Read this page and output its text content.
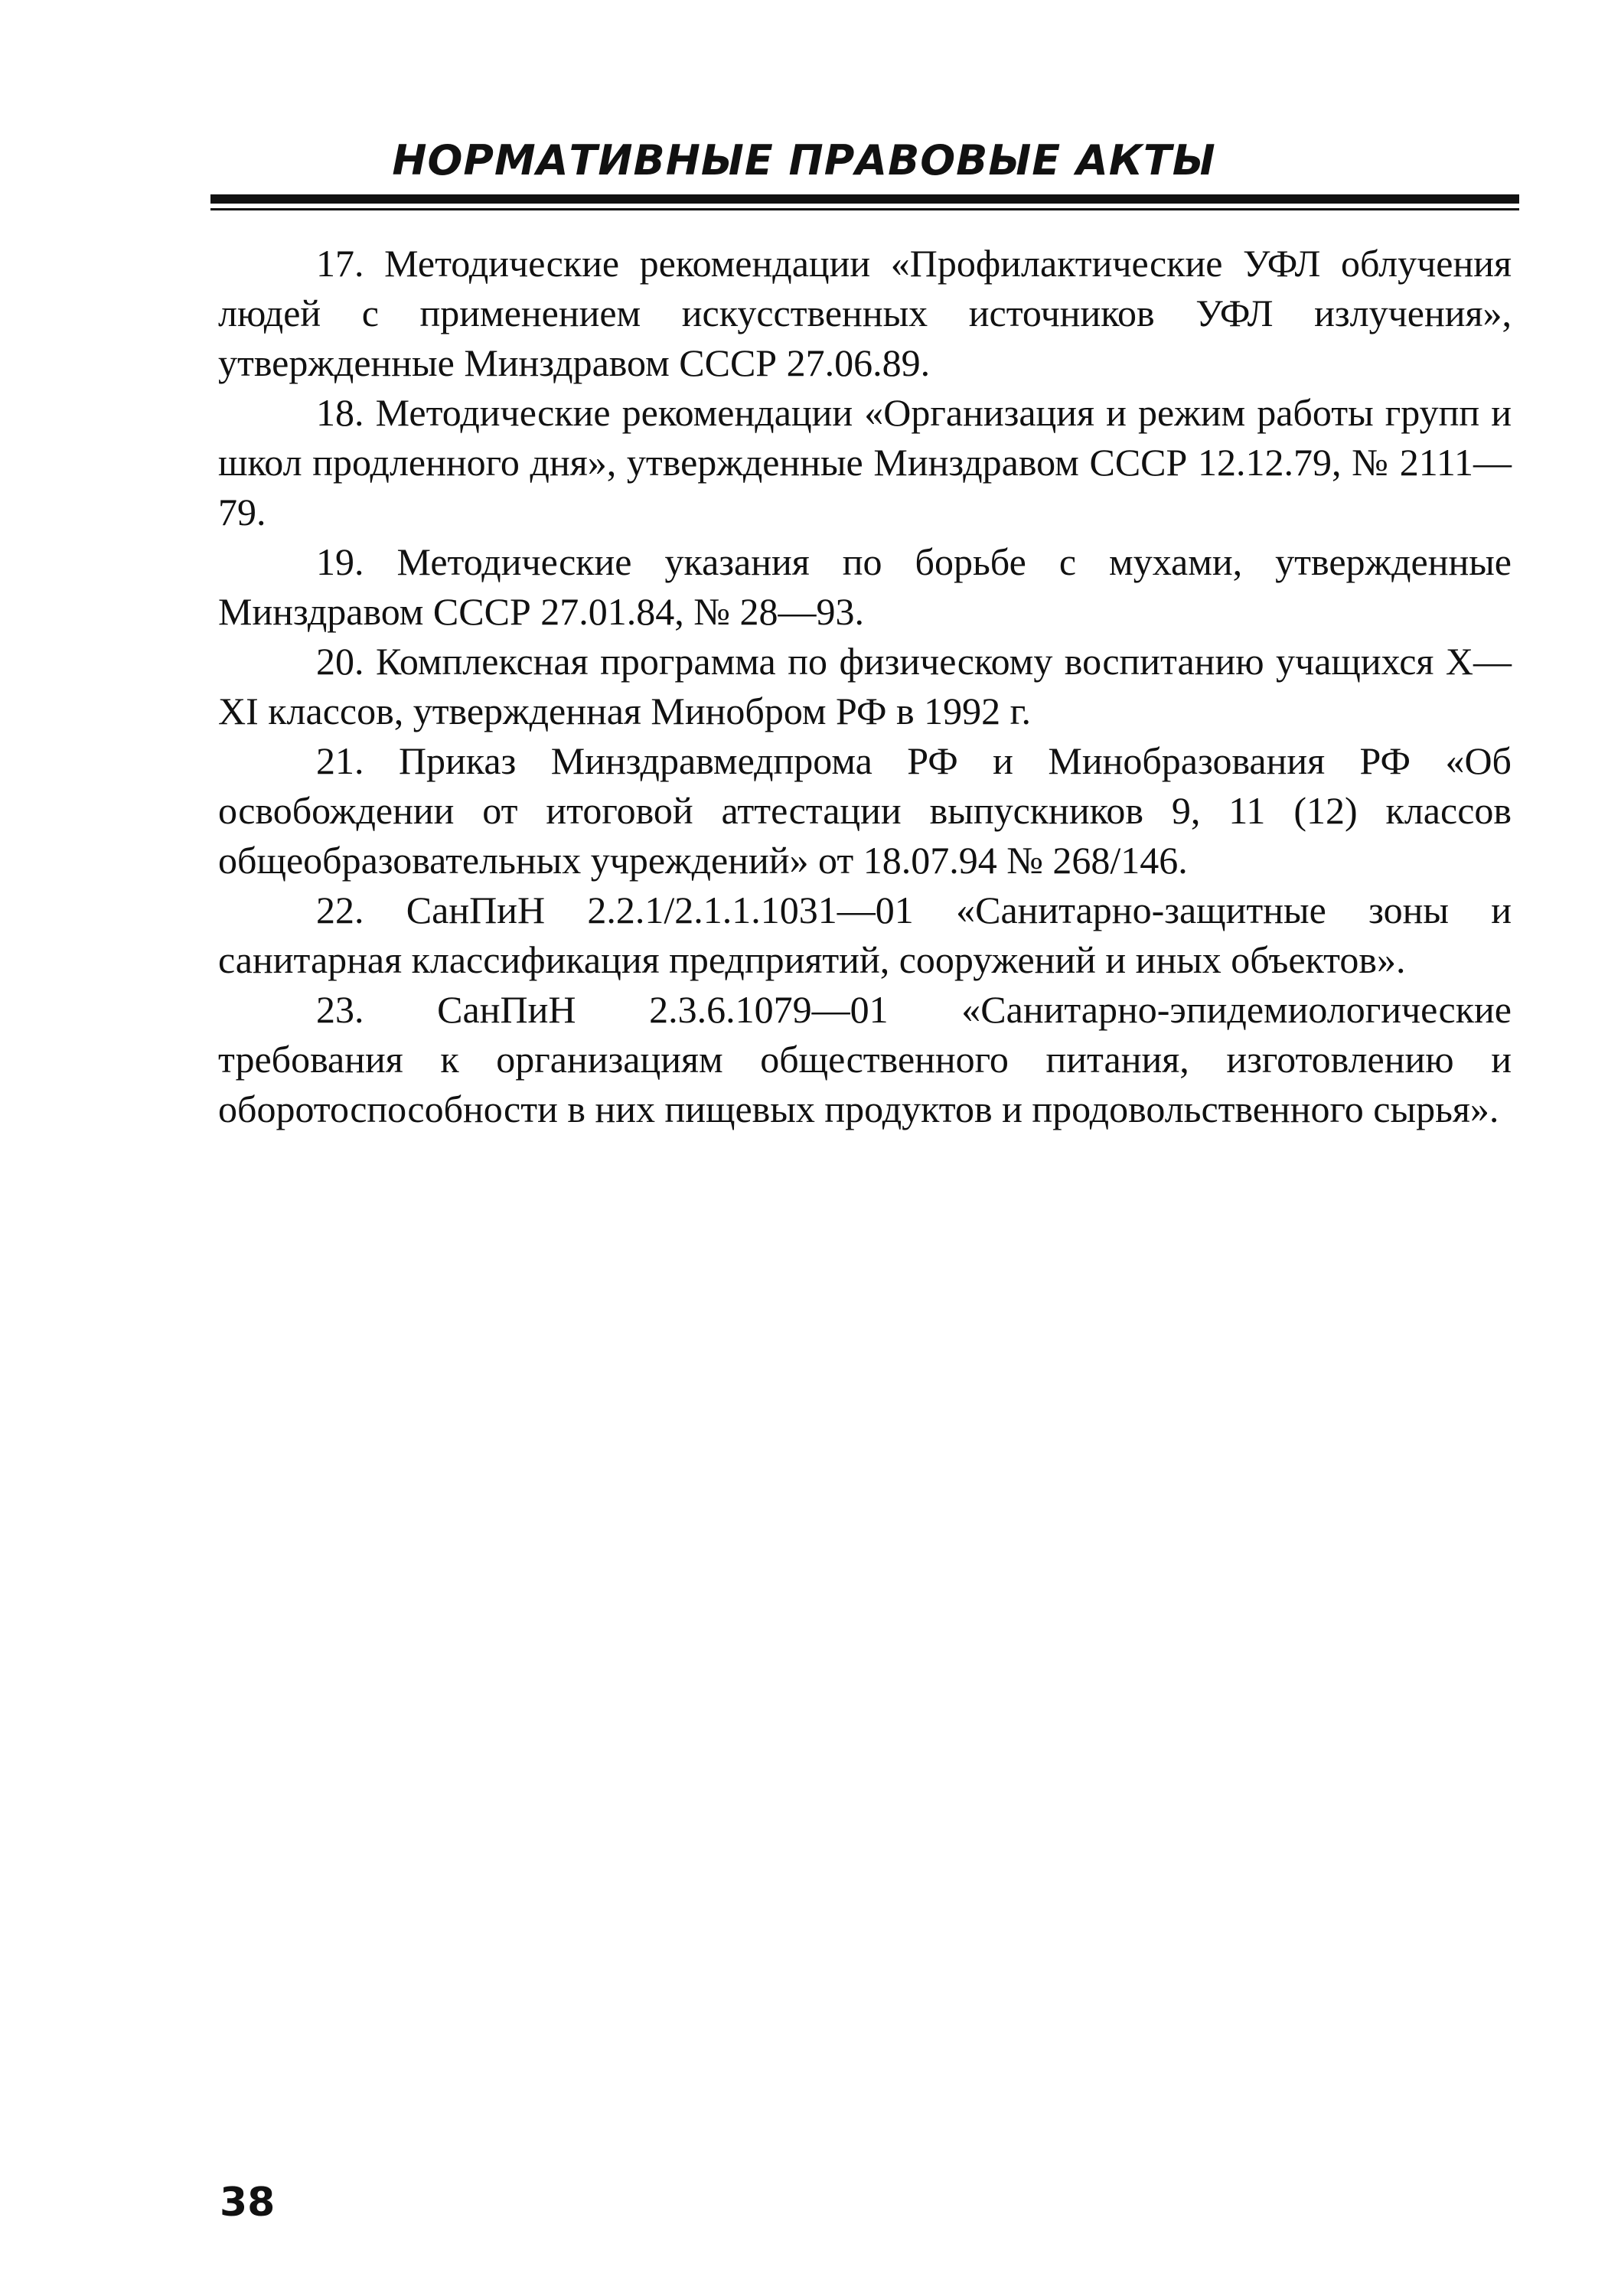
НОРМАТИВНЫЕ ПРАВОВЫЕ АКТЫ

17. Методические рекомендации «Профилактические УФЛ облучения людей с применением искусственных источников УФЛ излучения», утвержденные Минздравом СССР 27.06.89.

18. Методические рекомендации «Организация и режим работы групп и школ продленного дня», утвержденные Минздравом СССР 12.12.79, № 2111—79.

19. Методические указания по борьбе с мухами, утвержденные Минздравом СССР 27.01.84, № 28—93.

20. Комплексная программа по физическому воспитанию учащихся X—XI классов, утвержденная Минобром РФ в 1992 г.

21. Приказ Минздравмедпрома РФ и Минобразования РФ «Об освобождении от итоговой аттестации выпускников 9, 11 (12) классов общеобразовательных учреждений» от 18.07.94 № 268/146.

22. СанПиН 2.2.1/2.1.1.1031—01 «Санитарно-защитные зоны и санитарная классификация предприятий, сооружений и иных объектов».

23. СанПиН 2.3.6.1079—01 «Санитарно-эпидемиологические требования к организациям общественного питания, изготовлению и оборотоспособности в них пищевых продуктов и продовольственного сырья».

38
